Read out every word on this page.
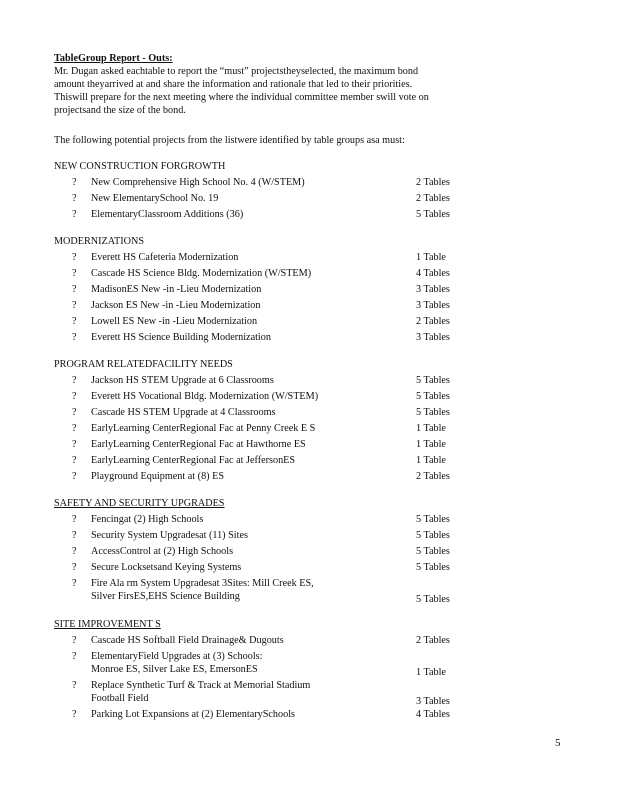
TableGroup Report - Outs:
Mr. Dugan asked eachtable to report the “must” projectstheyselected, the maximum bond
amount theyarrived at and share the information and rationale that led to their priorities.
Thiswill prepare for the next meeting where the individual committee member swill vote on
projectsand the size of the bond.
The following potential projects from the listwere identified by table groups asa must:
NEW CONSTRUCTION FORGROWTH
?	New Comprehensive High School No. 4 (W/STEM)	2 Tables
?	New ElementarySchool No. 19	2 Tables
?	ElementaryClassroom Additions (36)	5 Tables
MODERNIZATIONS
?	Everett HS Cafeteria Modernization	1 Table
?	Cascade HS Science Bldg. Modernization (W/STEM)	4 Tables
?	MadisonES New -in -Lieu Modernization	3 Tables
?	Jackson ES New -in -Lieu Modernization	3 Tables
?	Lowell ES New -in -Lieu Modernization	2 Tables
?	Everett HS Science Building Modernization	3 Tables
PROGRAM RELATEDFACILITY NEEDS
?	Jackson HS STEM Upgrade at 6 Classrooms	5 Tables
?	Everett HS Vocational Bldg. Modernization (W/STEM)	5 Tables
?	Cascade HS STEM Upgrade at 4 Classrooms	5 Tables
?	EarlyLearning CenterRegional Fac at Penny Creek E S	1 Table
?	EarlyLearning CenterRegional Fac at Hawthorne ES	1 Table
?	EarlyLearning CenterRegional Fac at JeffersonES	1 Table
?	Playground Equipment at (8) ES	2 Tables
SAFETY AND SECURITY UPGRADES
?	Fencingat (2) High Schools	5 Tables
?	Security System Upgradesat (11) Sites	5 Tables
?	AccessControl at (2) High Schools	5 Tables
?	Secure Locksetsand Keying Systems	5 Tables
?	Fire Ala rm System Upgradesat 3Sites: Mill Creek ES,
Silver FirsES,EHS Science Building	5 Tables
SITE IMPROVEMENT S
?	Cascade HS Softball Field Drainage& Dugouts	2 Tables
?	ElementaryField Upgrades at (3) Schools:
Monroe ES, Silver Lake ES, EmersonES	1 Table
?	Replace Synthetic Turf & Track at Memorial Stadium
Football Field	3 Tables
?	Parking Lot Expansions at (2) ElementarySchools	4 Tables
5
